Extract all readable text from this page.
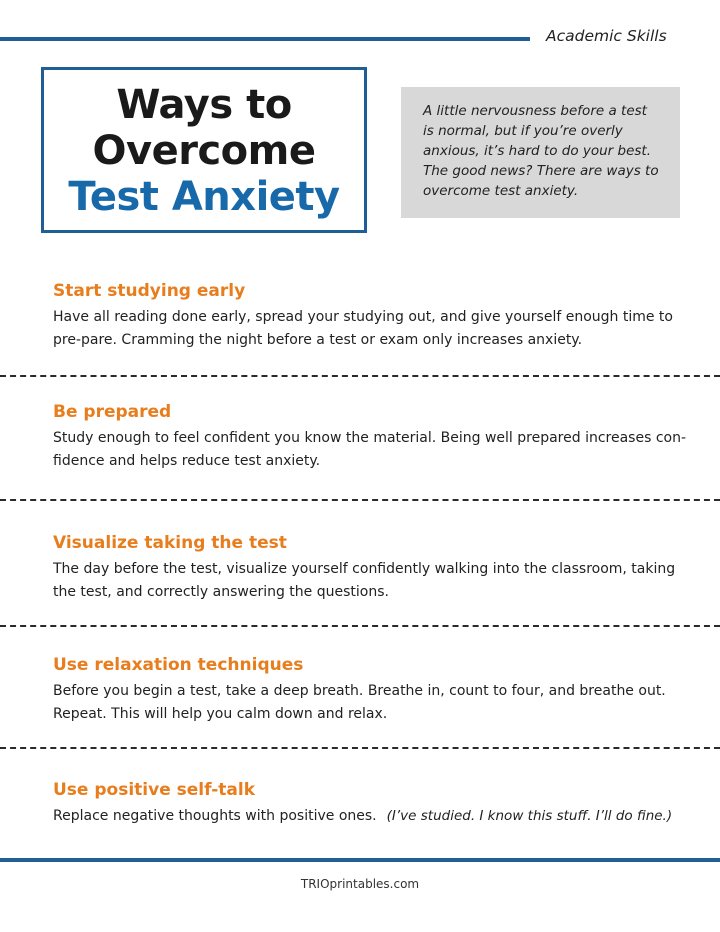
Academic Skills
Ways to
Overcome
Test Anxiety
A little nervousness before a test is normal, but if you’re overly anxious, it’s hard to do your best. The good news? There are ways to overcome test anxiety.
Start studying early

Have all reading done early, spread your studying out, and give yourself enough time to pre-pare. Cramming the night before a test or exam only increases anxiety.

Be prepared

Study enough to feel confident you know the material. Being well prepared increases con-fidence and helps reduce test anxiety.

Visualize taking the test

The day before the test, visualize yourself confidently walking into the classroom, taking the test, and correctly answering the questions.

Use relaxation techniques

Before you begin a test, take a deep breath. Breathe in, count to four, and breathe out. Repeat. This will help you calm down and relax.

Use positive self-talk

Replace negative thoughts with positive ones. (I’ve studied. I know this stuff. I’ll do fine.)

TRIOprintables.com
